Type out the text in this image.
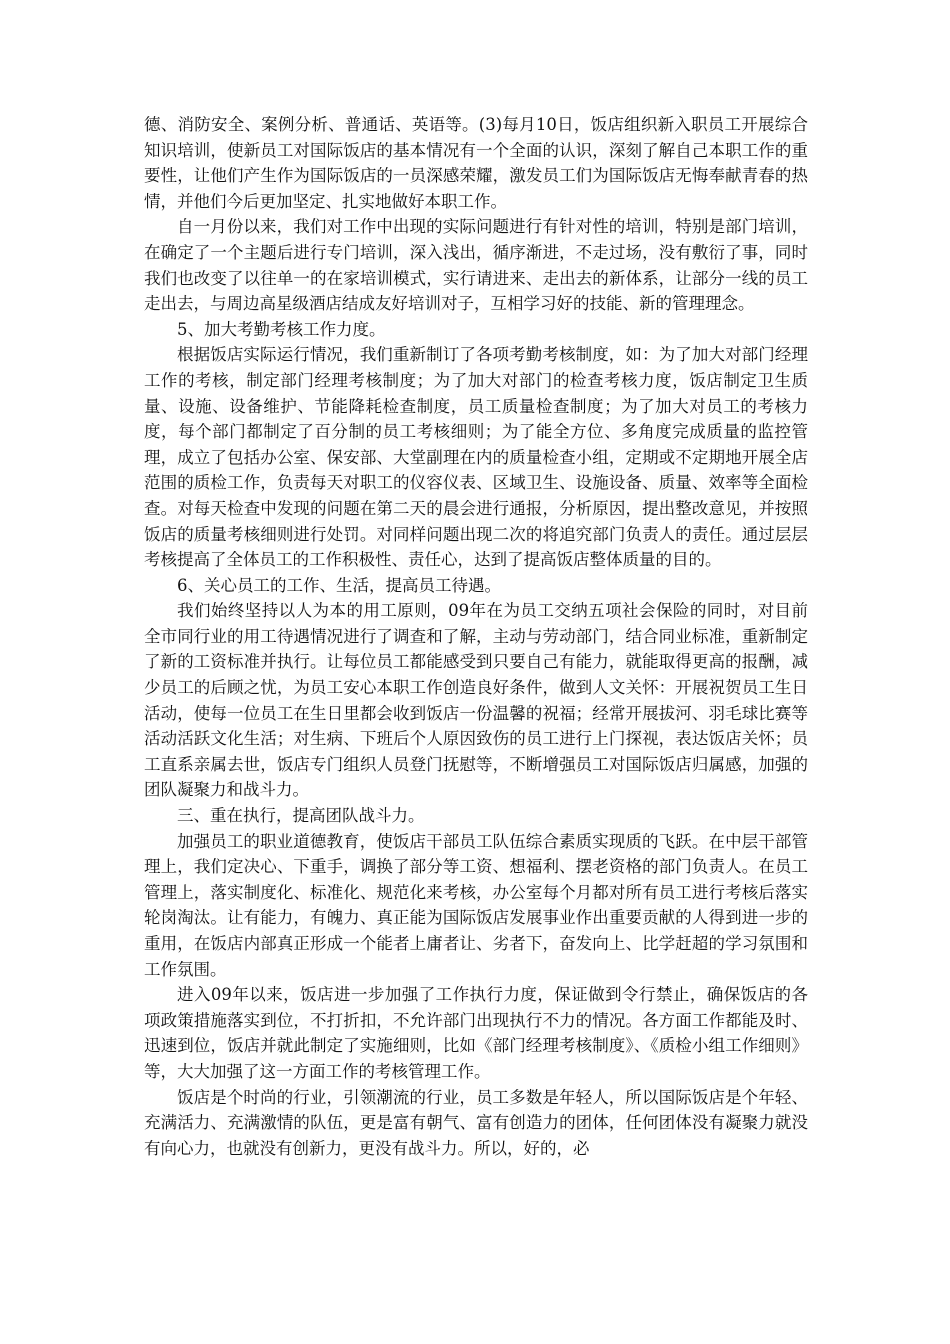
德、消防安全、案例分析、普通话、英语等。(3)每月10日，饭店组织新入职员工开展综合知识培训，使新员工对国际饭店的基本情况有一个全面的认识，深刻了解自己本职工作的重要性，让他们产生作为国际饭店的一员深感荣耀，激发员工们为国际饭店无悔奉献青春的热情，并他们今后更加坚定、扎实地做好本职工作。

自一月份以来，我们对工作中出现的实际问题进行有针对性的培训，特别是部门培训，在确定了一个主题后进行专门培训，深入浅出，循序渐进，不走过场，没有敷衍了事，同时我们也改变了以往单一的在家培训模式，实行请进来、走出去的新体系，让部分一线的员工走出去，与周边高星级酒店结成友好培训对子，互相学习好的技能、新的管理理念。

5、加大考勤考核工作力度。

根据饭店实际运行情况，我们重新制订了各项考勤考核制度，如：为了加大对部门经理工作的考核，制定部门经理考核制度；为了加大对部门的检查考核力度，饭店制定卫生质量、设施、设备维护、节能降耗检查制度，员工质量检查制度；为了加大对员工的考核力度，每个部门都制定了百分制的员工考核细则；为了能全方位、多角度完成质量的监控管理，成立了包括办公室、保安部、大堂副理在内的质量检查小组，定期或不定期地开展全店范围的质检工作，负责每天对职工的仪容仪表、区域卫生、设施设备、质量、效率等全面检查。对每天检查中发现的问题在第二天的晨会进行通报，分析原因，提出整改意见，并按照饭店的质量考核细则进行处罚。对同样问题出现二次的将追究部门负责人的责任。通过层层考核提高了全体员工的工作积极性、责任心，达到了提高饭店整体质量的目的。

6、关心员工的工作、生活，提高员工待遇。

我们始终坚持以人为本的用工原则，09年在为员工交纳五项社会保险的同时，对目前全市同行业的用工待遇情况进行了调查和了解，主动与劳动部门，结合同业标准，重新制定了新的工资标准并执行。让每位员工都能感受到只要自己有能力，就能取得更高的报酬，减少员工的后顾之忧，为员工安心本职工作创造良好条件，做到人文关怀：开展祝贺员工生日活动，使每一位员工在生日里都会收到饭店一份温馨的祝福；经常开展拔河、羽毛球比赛等活动活跃文化生活；对生病、下班后个人原因致伤的员工进行上门探视，表达饭店关怀；员工直系亲属去世，饭店专门组织人员登门抚慰等，不断增强员工对国际饭店归属感，加强的团队凝聚力和战斗力。

三、重在执行，提高团队战斗力。

加强员工的职业道德教育，使饭店干部员工队伍综合素质实现质的飞跃。在中层干部管理上，我们定决心、下重手，调换了部分等工资、想福利、摆老资格的部门负责人。在员工管理上，落实制度化、标准化、规范化来考核，办公室每个月都对所有员工进行考核后落实轮岗淘汰。让有能力，有魄力、真正能为国际饭店发展事业作出重要贡献的人得到进一步的重用，在饭店内部真正形成一个能者上庸者让、劣者下，奋发向上、比学赶超的学习氛围和工作氛围。

进入09年以来，饭店进一步加强了工作执行力度，保证做到令行禁止，确保饭店的各项政策措施落实到位，不打折扣，不允许部门出现执行不力的情况。各方面工作都能及时、迅速到位，饭店并就此制定了实施细则，比如《部门经理考核制度》、《质检小组工作细则》等，大大加强了这一方面工作的考核管理工作。

饭店是个时尚的行业，引领潮流的行业，员工多数是年轻人，所以国际饭店是个年轻、充满活力、充满激情的队伍，更是富有朝气、富有创造力的团体，任何团体没有凝聚力就没有向心力，也就没有创新力，更没有战斗力。所以，好的，必
